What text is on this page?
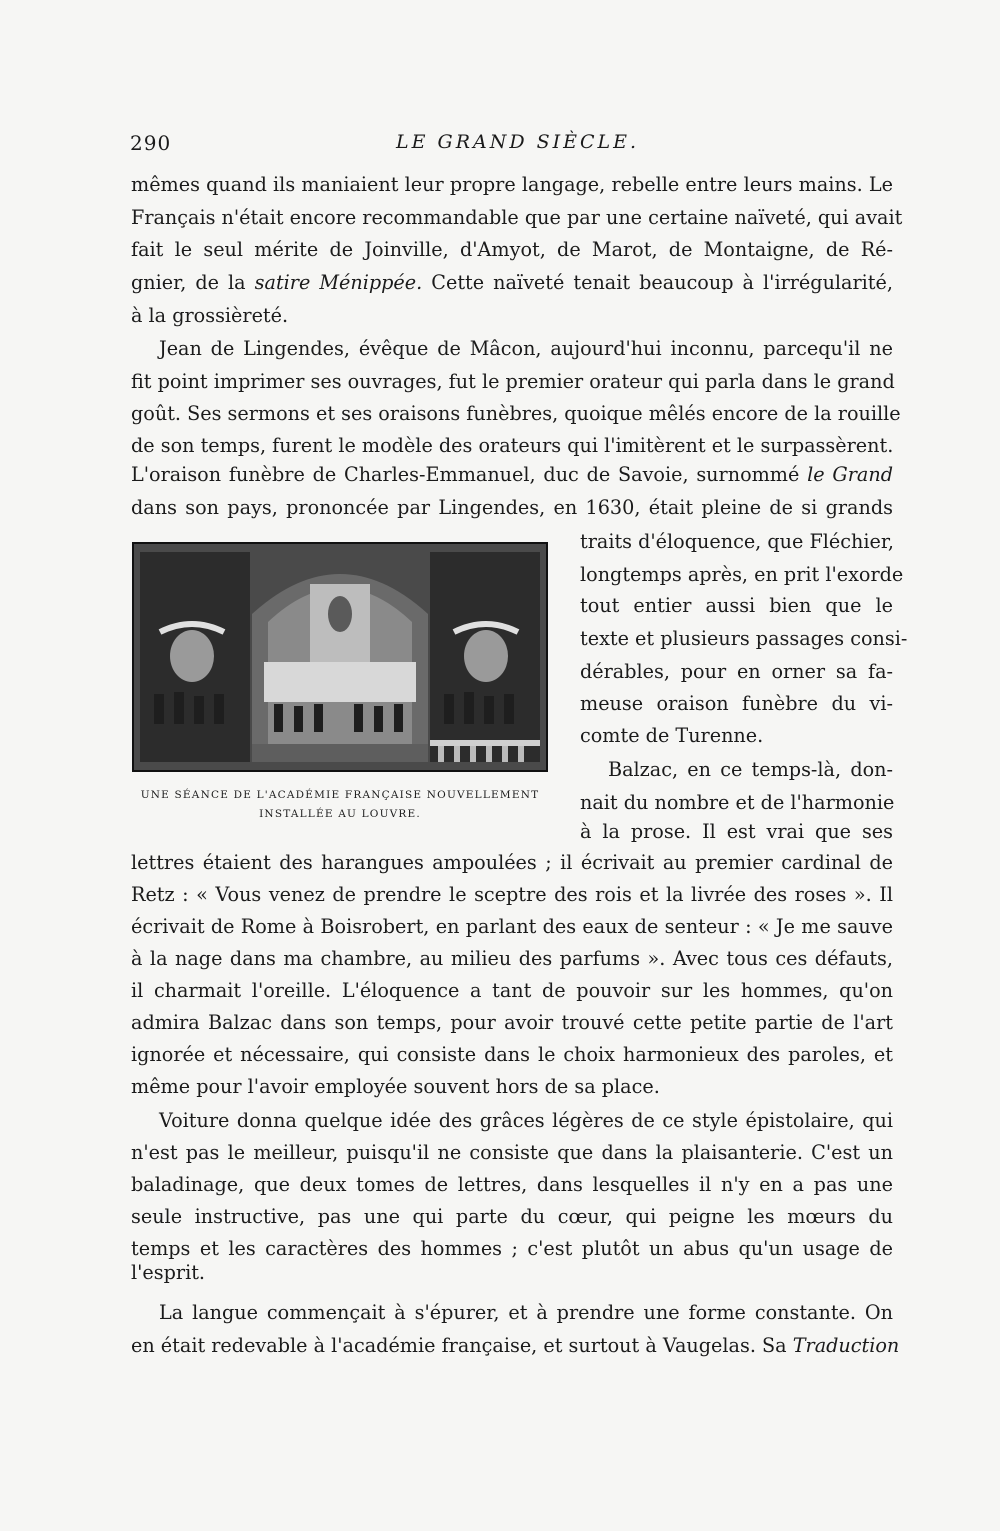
290	LE GRAND SIÈCLE.

mêmes quand ils maniaient leur propre langage, rebelle entre leurs mains. Le

Français n'était encore recommandable que par une certaine naïveté, qui avait

fait le seul mérite de Joinville, d'Amyot, de Marot, de Montaigne, de Ré-

gnier, de la satire Ménippée. Cette naïveté tenait beaucoup à l'irrégularité,

à la grossièreté.

Jean de Lingendes, évêque de Mâcon, aujourd'hui inconnu, parcequ'il ne

fit point imprimer ses ouvrages, fut le premier orateur qui parla dans le grand

goût. Ses sermons et ses oraisons funèbres, quoique mêlés encore de la rouille

de son temps, furent le modèle des orateurs qui l'imitèrent et le surpassèrent.

L'oraison funèbre de Charles-Emmanuel, duc de Savoie, surnommé le Grand

dans son pays, prononcée par Lingendes, en 1630, était pleine de si grands

traits d'éloquence, que Fléchier,

longtemps après, en prit l'exorde

tout entier aussi bien que le

texte et plusieurs passages consi-

dérables, pour en orner sa fa-

meuse oraison funèbre du vi-

comte de Turenne.

UNE SÉANCE DE L'ACADÉMIE FRANÇAISE NOUVELLEMENT
INSTALLÉE AU LOUVRE.

Balzac, en ce temps-là, don-

nait du nombre et de l'harmonie

à la prose. Il est vrai que ses

lettres étaient des harangues ampoulées ; il écrivait au premier cardinal de

Retz : « Vous venez de prendre le sceptre des rois et la livrée des roses ». Il

écrivait de Rome à Boisrobert, en parlant des eaux de senteur : « Je me sauve

à la nage dans ma chambre, au milieu des parfums ». Avec tous ces défauts,

il charmait l'oreille. L'éloquence a tant de pouvoir sur les hommes, qu'on

admira Balzac dans son temps, pour avoir trouvé cette petite partie de l'art

ignorée et nécessaire, qui consiste dans le choix harmonieux des paroles, et

même pour l'avoir employée souvent hors de sa place.

Voiture donna quelque idée des grâces légères de ce style épistolaire, qui

n'est pas le meilleur, puisqu'il ne consiste que dans la plaisanterie. C'est un

baladinage, que deux tomes de lettres, dans lesquelles il n'y en a pas une

seule instructive, pas une qui parte du cœur, qui peigne les mœurs du

temps et les caractères des hommes ; c'est plutôt un abus qu'un usage de

l'esprit.

La langue commençait à s'épurer, et à prendre une forme constante. On

en était redevable à l'académie française, et surtout à Vaugelas. Sa Traduction
